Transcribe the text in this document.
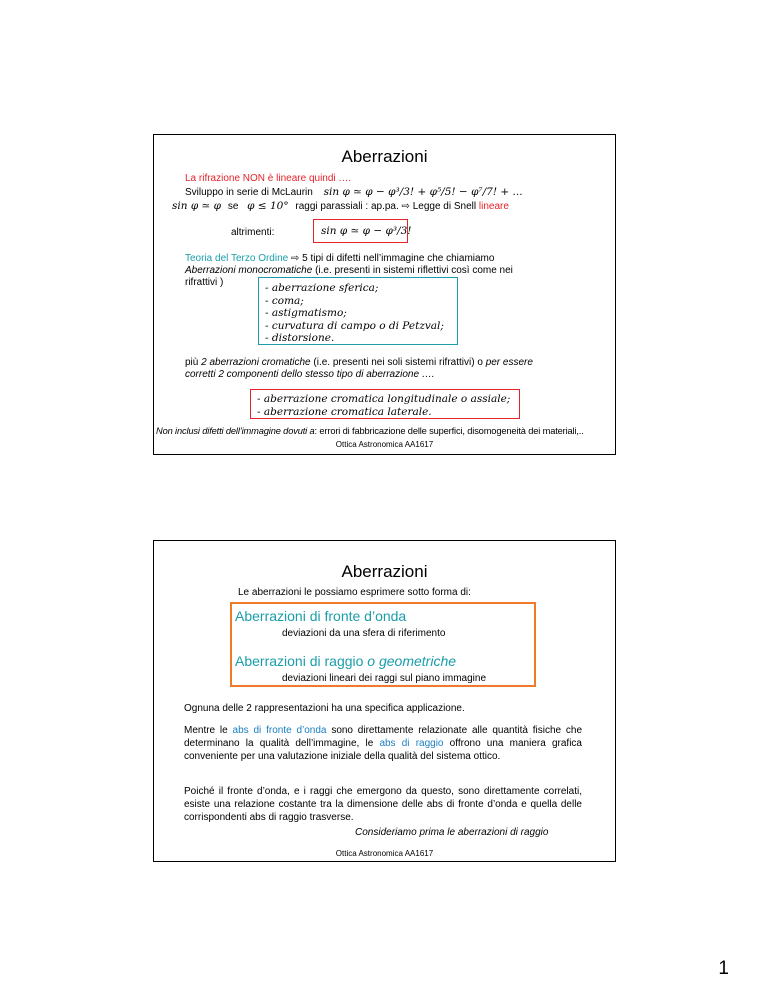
Aberrazioni
La rifrazione NON è lineare quindi ….
Sviluppo in serie di McLaurin sin φ ≃ φ − φ³/3! + φ⁵/5! − φ⁷/7! + ...
sin φ ≃ φ se φ ≤ 10° raggi parassiali : ap.pa. ⇨ Legge di Snell lineare
altrimenti:	sin φ ≃ φ − φ³/3!
Teoria del Terzo Ordine ⇨ 5 tipi di difetti nell’immagine che chiamiamo
Aberrazioni monocromatiche (i.e. presenti in sistemi riflettivi così come nei
rifrattivi )	- aberrazione sferica;
- coma;
- astigmatismo;
- curvatura di campo o di Petzval;
- distorsione.
più 2 aberrazioni cromatiche (i.e. presenti nei soli sistemi rifrattivi) o per essere
corretti 2 componenti dello stesso tipo di aberrazione ….
- aberrazione cromatica longitudinale o assiale;
- aberrazione cromatica laterale.
Non inclusi difetti dell’immagine dovuti a: errori di fabbricazione delle superfici, disomogeneità dei materiali,..
Ottica Astronomica AA1617
Aberrazioni
Le aberrazioni le possiamo esprimere sotto forma di:
Aberrazioni di fronte d’onda
deviazioni da una sfera di riferimento
Aberrazioni di raggio o geometriche
deviazioni lineari dei raggi sul piano immagine
Ognuna delle 2 rappresentazioni ha una specifica applicazione.
Mentre le abs di fronte d’onda sono direttamente relazionate alle quantità fisiche che determinano la qualità dell’immagine, le abs di raggio offrono una maniera grafica conveniente per una valutazione iniziale della qualità del sistema ottico.
Poiché il fronte d’onda, e i raggi che emergono da questo, sono direttamente correlati, esiste una relazione costante tra la dimensione delle abs di fronte d’onda e quella delle corrispondenti abs di raggio trasverse.
Consideriamo prima le aberrazioni di raggio
Ottica Astronomica AA1617
1
